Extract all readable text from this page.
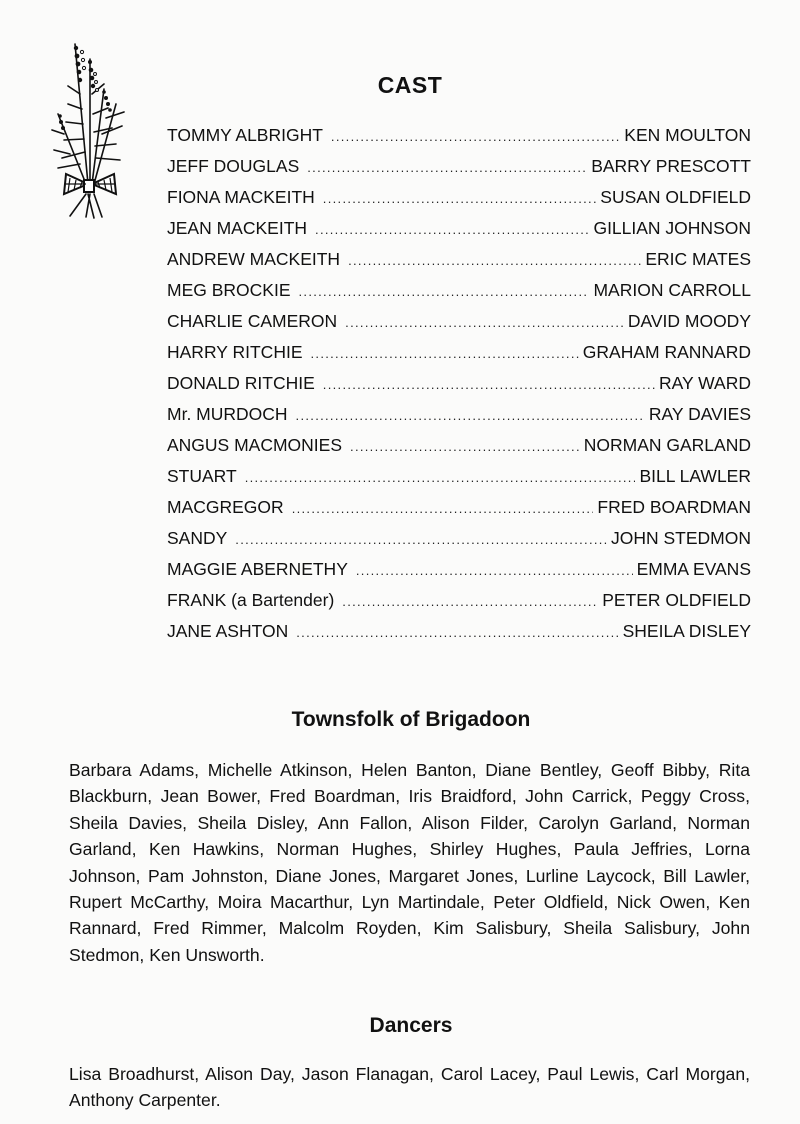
CAST
TOMMY ALBRIGHT .....	KEN MOULTON
JEFF DOUGLAS .....	BARRY PRESCOTT
FIONA MACKEITH .....	SUSAN OLDFIELD
JEAN MACKEITH .....	GILLIAN JOHNSON
ANDREW MACKEITH .....	ERIC MATES
MEG BROCKIE .....	MARION CARROLL
CHARLIE CAMERON .....	DAVID MOODY
HARRY RITCHIE .....	GRAHAM RANNARD
DONALD RITCHIE .....	RAY WARD
Mr. MURDOCH .....	RAY DAVIES
ANGUS MACMONIES .....	NORMAN GARLAND
STUART .....	BILL LAWLER
MACGREGOR .....	FRED BOARDMAN
SANDY .....	JOHN STEDMON
MAGGIE ABERNETHY .....	EMMA EVANS
FRANK (a Bartender) .....	PETER OLDFIELD
JANE ASHTON .....	SHEILA DISLEY
Townsfolk of Brigadoon
Barbara Adams, Michelle Atkinson, Helen Banton, Diane Bentley, Geoff Bibby, Rita Blackburn, Jean Bower, Fred Boardman, Iris Braidford, John Carrick, Peggy Cross, Sheila Davies, Sheila Disley, Ann Fallon, Alison Filder, Carolyn Garland, Norman Garland, Ken Hawkins, Norman Hughes, Shirley Hughes, Paula Jeffries, Lorna Johnson, Pam Johnston, Diane Jones, Margaret Jones, Lurline Laycock, Bill Lawler, Rupert McCarthy, Moira Macarthur, Lyn Martindale, Peter Oldfield, Nick Owen, Ken Rannard, Fred Rimmer, Malcolm Royden, Kim Salisbury, Sheila Salisbury, John Stedmon, Ken Unsworth.
Dancers
Lisa Broadhurst, Alison Day, Jason Flanagan, Carol Lacey, Paul Lewis, Carl Morgan, Anthony Carpenter.
